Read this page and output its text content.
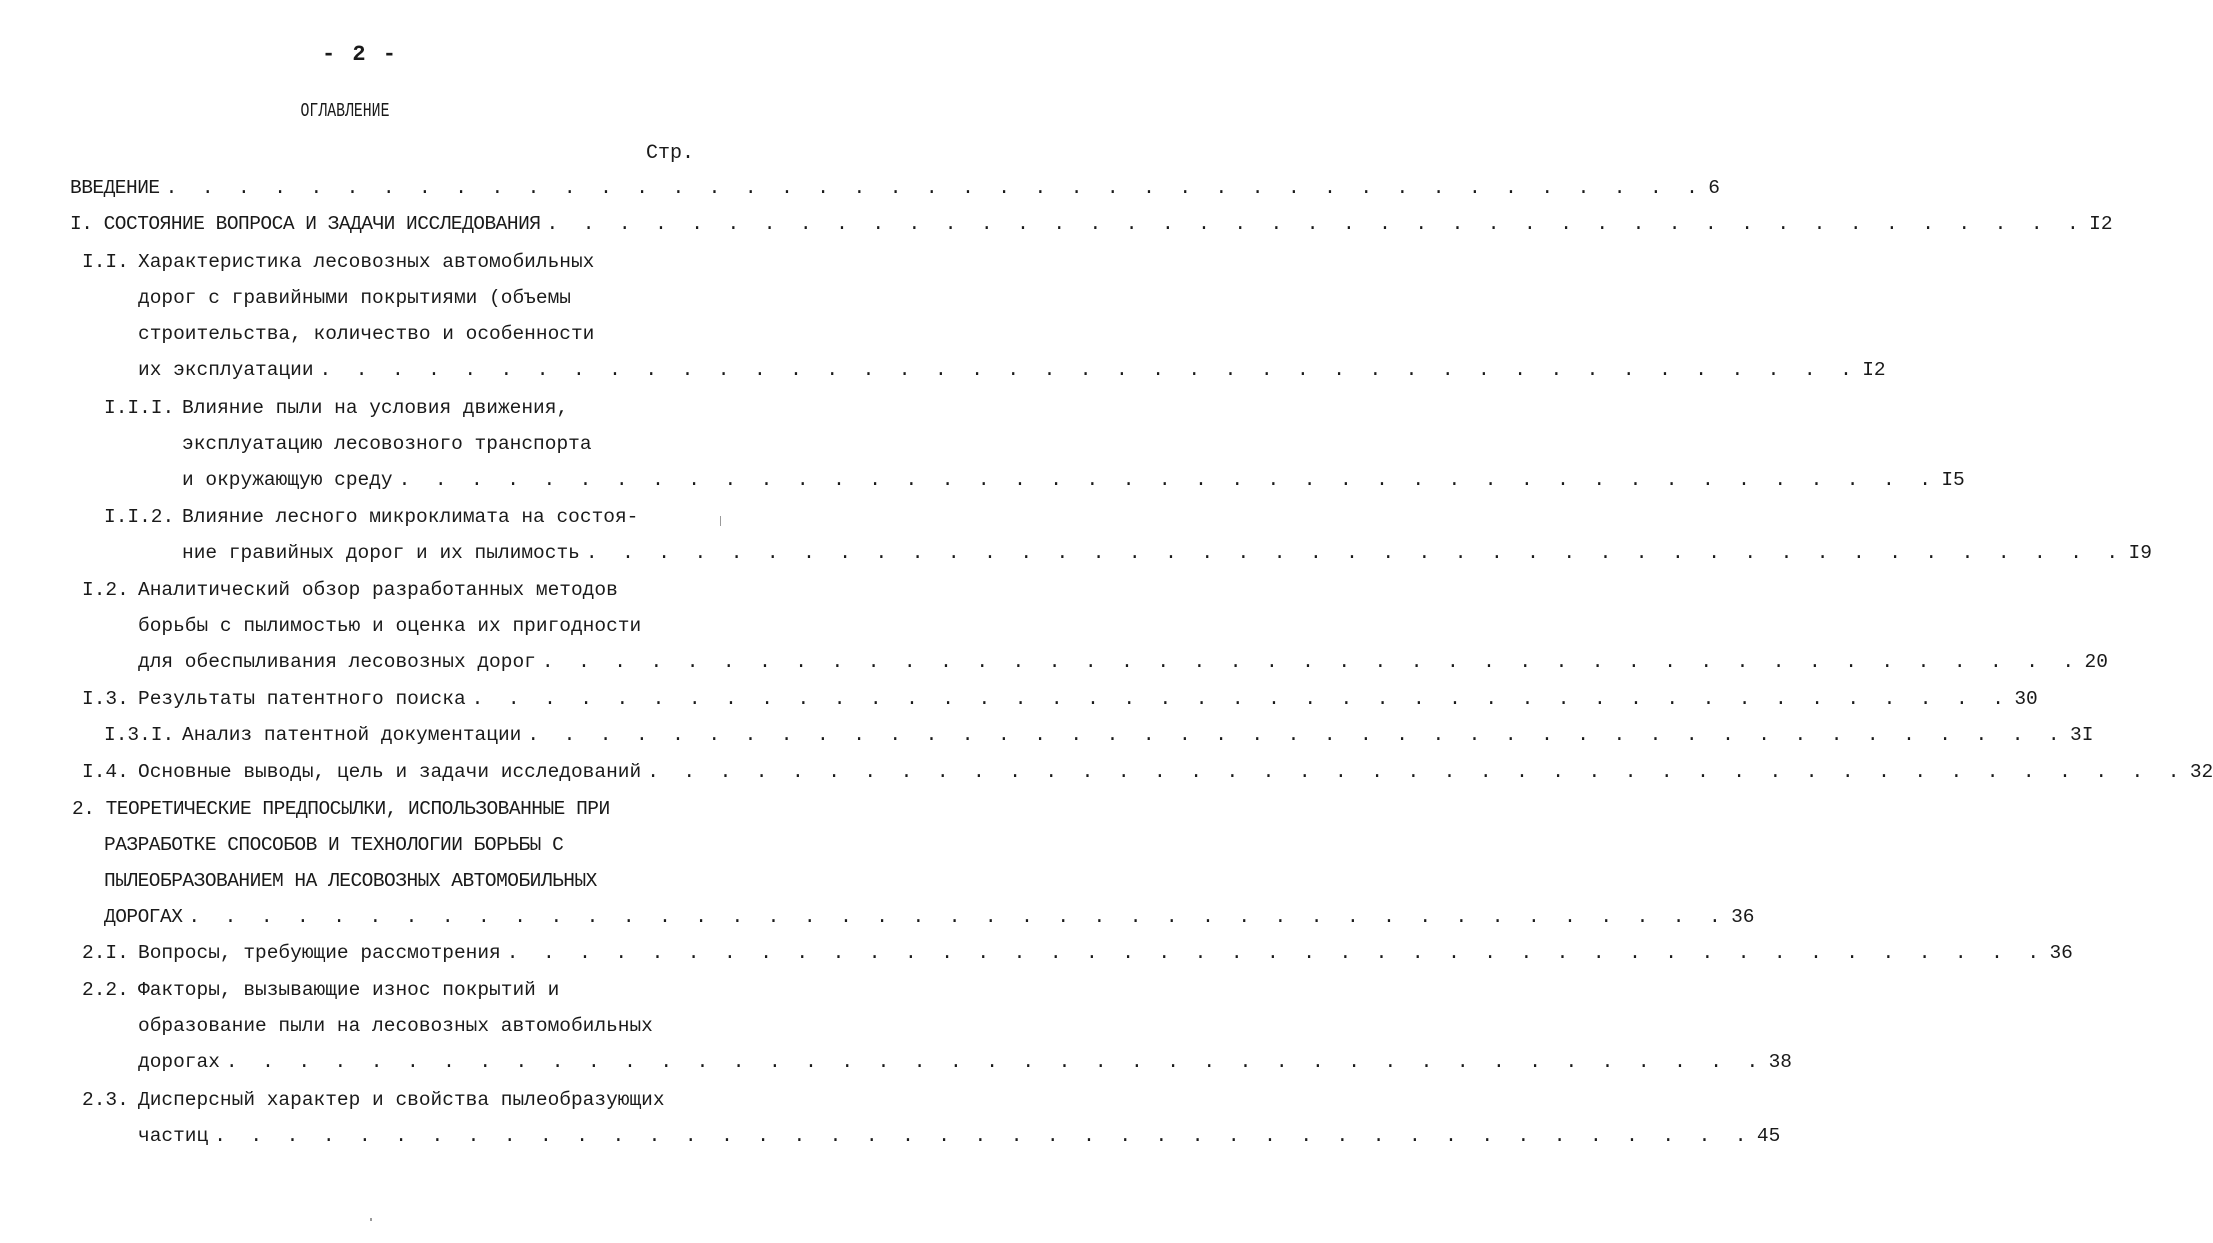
- 2 -
ОГЛАВЛЕНИЕ
Стр.
ВВЕДЕНИЕ . . . . . . . . . . . . . . . . . . . . . . . . . . . . . . . . . . . . . . . . . . . 6
I. СОСТОЯНИЕ ВОПРОСА И ЗАДАЧИ ИССЛЕДОВАНИЯ . . . . . . . . . . . . . . . . . . . . . . . . . . . . . . . . . . . . . . . . . . . I2
I.I. Характеристика лесовозных автомобильных
дорог с гравийными покрытиями (объемы
строительства, количество и особенности
их эксплуатации . . . . . . . . . . . . . . . . . . . . . . . . . . . . . . . . . . . . . . . . . . . I2
I.I.I. Влияние пыли на условия движения,
эксплуатацию лесовозного транспорта
и окружающую среду . . . . . . . . . . . . . . . . . . . . . . . . . . . . . . . . . . . . . . . . . . . I5
I.I.2. Влияние лесного микроклимата на состоя-
ние гравийных дорог и их пылимость . . . . . . . . . . . . . . . . . . . . . . . . . . . . . . . . . . . . . . . . . . . I9
I.2. Аналитический обзор разработанных методов
борьбы с пылимостью и оценка их пригодности
для обеспыливания лесовозных дорог . . . . . . . . . . . . . . . . . . . . . . . . . . . . . . . . . . . . . . . . . . . 20
I.3. Результаты патентного поиска . . . . . . . . . . . . . . . . . . . . . . . . . . . . . . . . . . . . . . . . . . . 30
I.3.I. Анализ патентной документации . . . . . . . . . . . . . . . . . . . . . . . . . . . . . . . . . . . . . . . . . . . 3I
I.4. Основные выводы, цель и задачи исследований . . . . . . . . . . . . . . . . . . . . . . . . . . . . . . . . . . . . . . . . . . . 32
2. ТЕОРЕТИЧЕСКИЕ ПРЕДПОСЫЛКИ, ИСПОЛЬЗОВАННЫЕ ПРИ
РАЗРАБОТКЕ СПОСОБОВ И ТЕХНОЛОГИИ БОРЬБЫ С
ПЫЛЕОБРАЗОВАНИЕМ НА ЛЕСОВОЗНЫХ АВТОМОБИЛЬНЫХ
ДОРОГАХ . . . . . . . . . . . . . . . . . . . . . . . . . . . . . . . . . . . . . . . . . . . 36
2.I. Вопросы, требующие рассмотрения . . . . . . . . . . . . . . . . . . . . . . . . . . . . . . . . . . . . . . . . . . . 36
2.2. Факторы, вызывающие износ покрытий и
образование пыли на лесовозных автомобильных
дорогах . . . . . . . . . . . . . . . . . . . . . . . . . . . . . . . . . . . . . . . . . . . 38
2.3. Дисперсный характер и свойства пылеобразующих
частиц . . . . . . . . . . . . . . . . . . . . . . . . . . . . . . . . . . . . . . . . . . . 45
